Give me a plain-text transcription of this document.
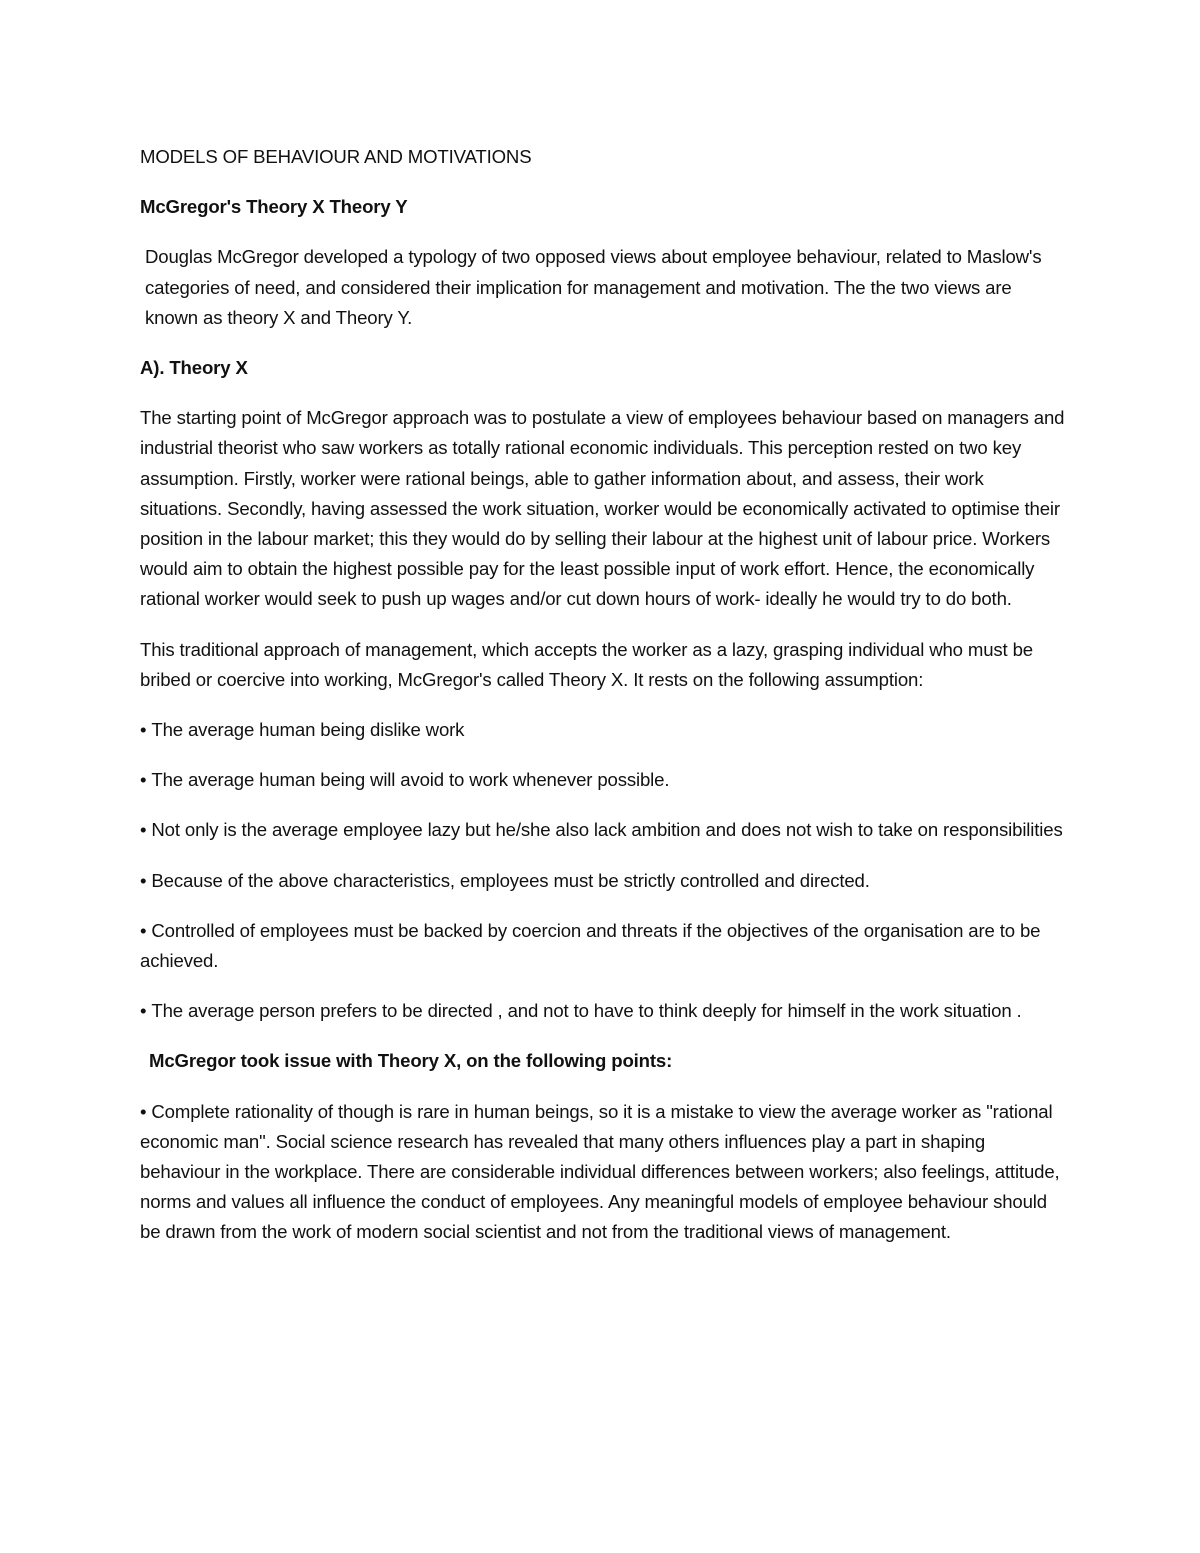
MODELS OF BEHAVIOUR AND MOTIVATIONS
McGregor's Theory X Theory Y
Douglas McGregor developed a typology of two opposed views about employee behaviour, related to Maslow's categories of need, and considered their implication for management and motivation. The the two views are known as theory X and Theory Y.
A). Theory X
The starting point of McGregor approach was to postulate a view of employees behaviour based on managers and industrial theorist who saw workers as totally rational economic individuals. This perception rested on two key assumption. Firstly, worker were rational beings, able to gather information about, and assess, their work situations. Secondly, having assessed the work situation, worker would be economically activated to optimise their position in the labour market; this they would do by selling their labour at the highest unit of labour price. Workers would aim to obtain the highest possible pay for the least possible input of work effort. Hence, the economically rational worker would seek to push up wages and/or cut down hours of work- ideally he would try to do both.
This traditional approach of management, which accepts the worker as a lazy, grasping individual who must be bribed or coercive into working, McGregor's called Theory X. It rests on the following assumption:
• The average human being dislike work
• The average human being will avoid to work whenever possible.
• Not only is the average employee lazy but he/she also lack ambition and does not wish to take on responsibilities
• Because of the above characteristics, employees must be strictly controlled and directed.
• Controlled of employees must be backed by coercion and threats if the objectives of the organisation are to be achieved.
• The average person prefers to be directed , and not to have to think deeply for himself in the work situation .
McGregor took issue with Theory X, on the following points:
• Complete rationality of though is rare in human beings, so it is a mistake to view the average worker as "rational economic man". Social science research has revealed that many others influences play a part in shaping behaviour in the workplace. There are considerable individual differences between workers; also feelings, attitude, norms and values all influence the conduct of employees. Any meaningful models of employee behaviour should be drawn from the work of modern social scientist and not from the traditional views of management.
